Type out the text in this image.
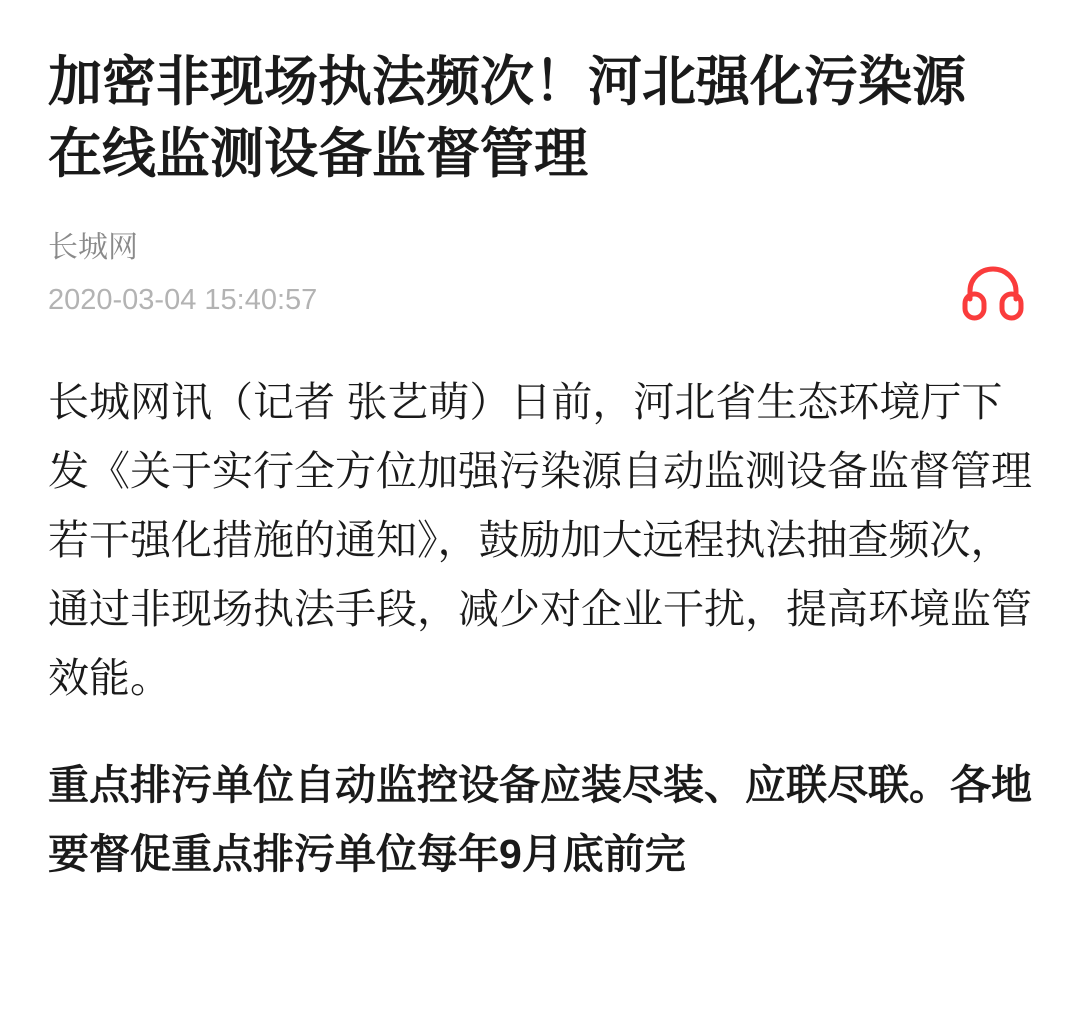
加密非现场执法频次！河北强化污染源在线监测设备监督管理
长城网
2020-03-04 15:40:57

长城网讯（记者 张艺萌）日前，河北省生态环境厅下发《关于实行全方位加强污染源自动监测设备监督管理若干强化措施的通知》，鼓励加大远程执法抽查频次，通过非现场执法手段，减少对企业干扰，提高环境监管效能。

重点排污单位自动监控设备应装尽装、应联尽联。各地要督促重点排污单位每年9月底前完
